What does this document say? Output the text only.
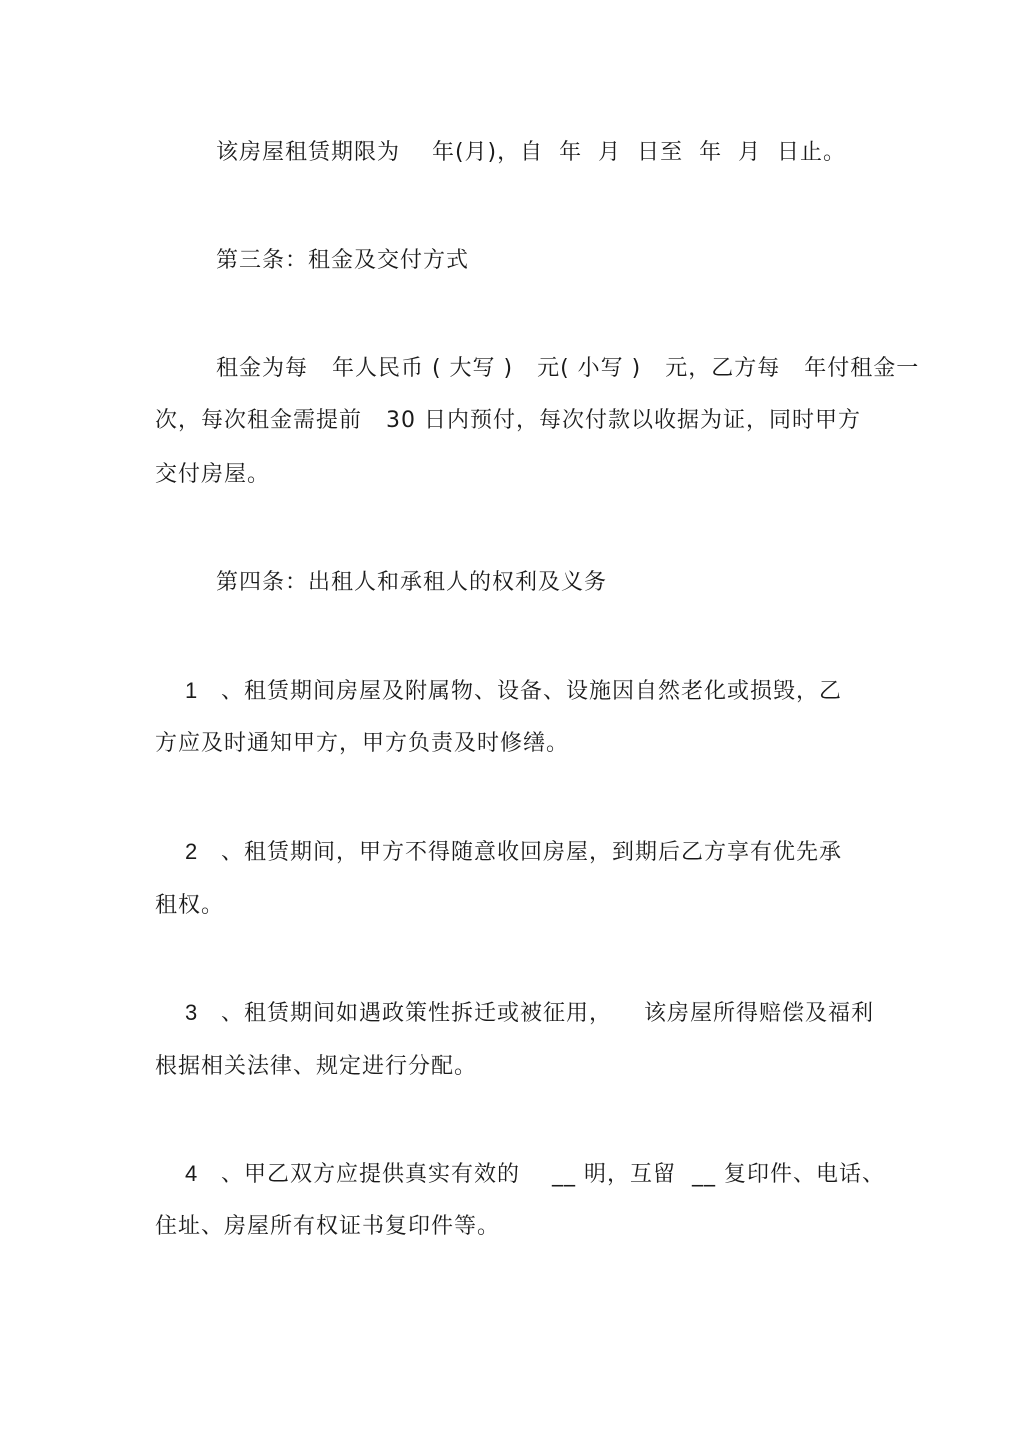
该房屋租赁期限为    年(月)，自  年  月  日至  年  月  日止。
第三条：租金及交付方式
租金为每   年人民币 ( 大写 )   元( 小写 )   元，乙方每   年付租金一
次，每次租金需提前   30 日内预付，每次付款以收据为证，同时甲方
交付房屋。
第四条：出租人和承租人的权利及义务
1 、租赁期间房屋及附属物、设备、设施因自然老化或损毁，乙
方应及时通知甲方，甲方负责及时修缮。
2 、租赁期间，甲方不得随意收回房屋，到期后乙方享有优先承
租权。
3 、租赁期间如遇政策性拆迁或被征用，    该房屋所得赔偿及福利
根据相关法律、规定进行分配。
4 、甲乙双方应提供真实有效的    __ 明，互留  __ 复印件、电话、
住址、房屋所有权证书复印件等。
